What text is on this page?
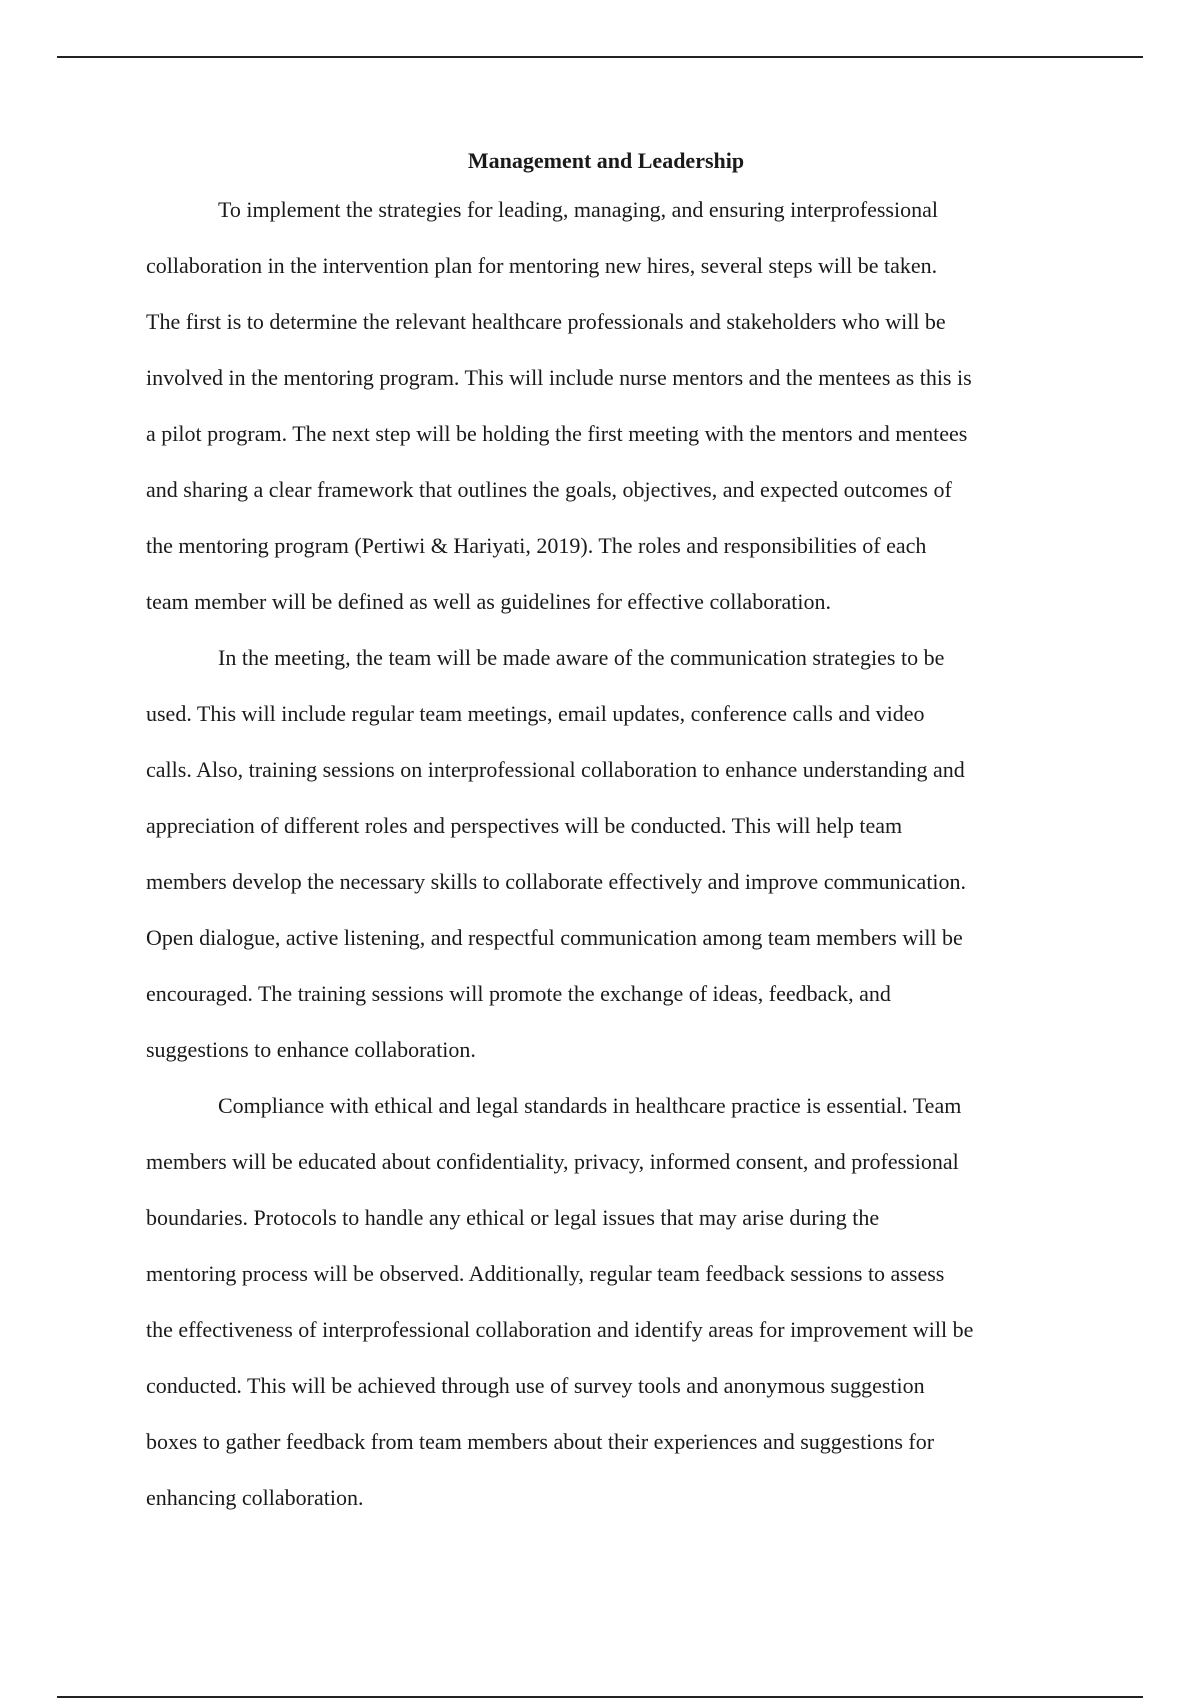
Management and Leadership
To implement the strategies for leading, managing, and ensuring interprofessional
collaboration in the intervention plan for mentoring new hires, several steps will be taken.
The first is to determine the relevant healthcare professionals and stakeholders who will be
involved in the mentoring program. This will include nurse mentors and the mentees as this is
a pilot program. The next step will be holding the first meeting with the mentors and mentees
and sharing a clear framework that outlines the goals, objectives, and expected outcomes of
the mentoring program (Pertiwi & Hariyati, 2019). The roles and responsibilities of each
team member will be defined as well as guidelines for effective collaboration.
In the meeting, the team will be made aware of the communication strategies to be
used. This will include regular team meetings, email updates, conference calls and video
calls. Also, training sessions on interprofessional collaboration to enhance understanding and
appreciation of different roles and perspectives will be conducted. This will help team
members develop the necessary skills to collaborate effectively and improve communication.
Open dialogue, active listening, and respectful communication among team members will be
encouraged. The training sessions will promote the exchange of ideas, feedback, and
suggestions to enhance collaboration.
Compliance with ethical and legal standards in healthcare practice is essential. Team
members will be educated about confidentiality, privacy, informed consent, and professional
boundaries. Protocols to handle any ethical or legal issues that may arise during the
mentoring process will be observed. Additionally, regular team feedback sessions to assess
the effectiveness of interprofessional collaboration and identify areas for improvement will be
conducted. This will be achieved through use of survey tools and anonymous suggestion
boxes to gather feedback from team members about their experiences and suggestions for
enhancing collaboration.
